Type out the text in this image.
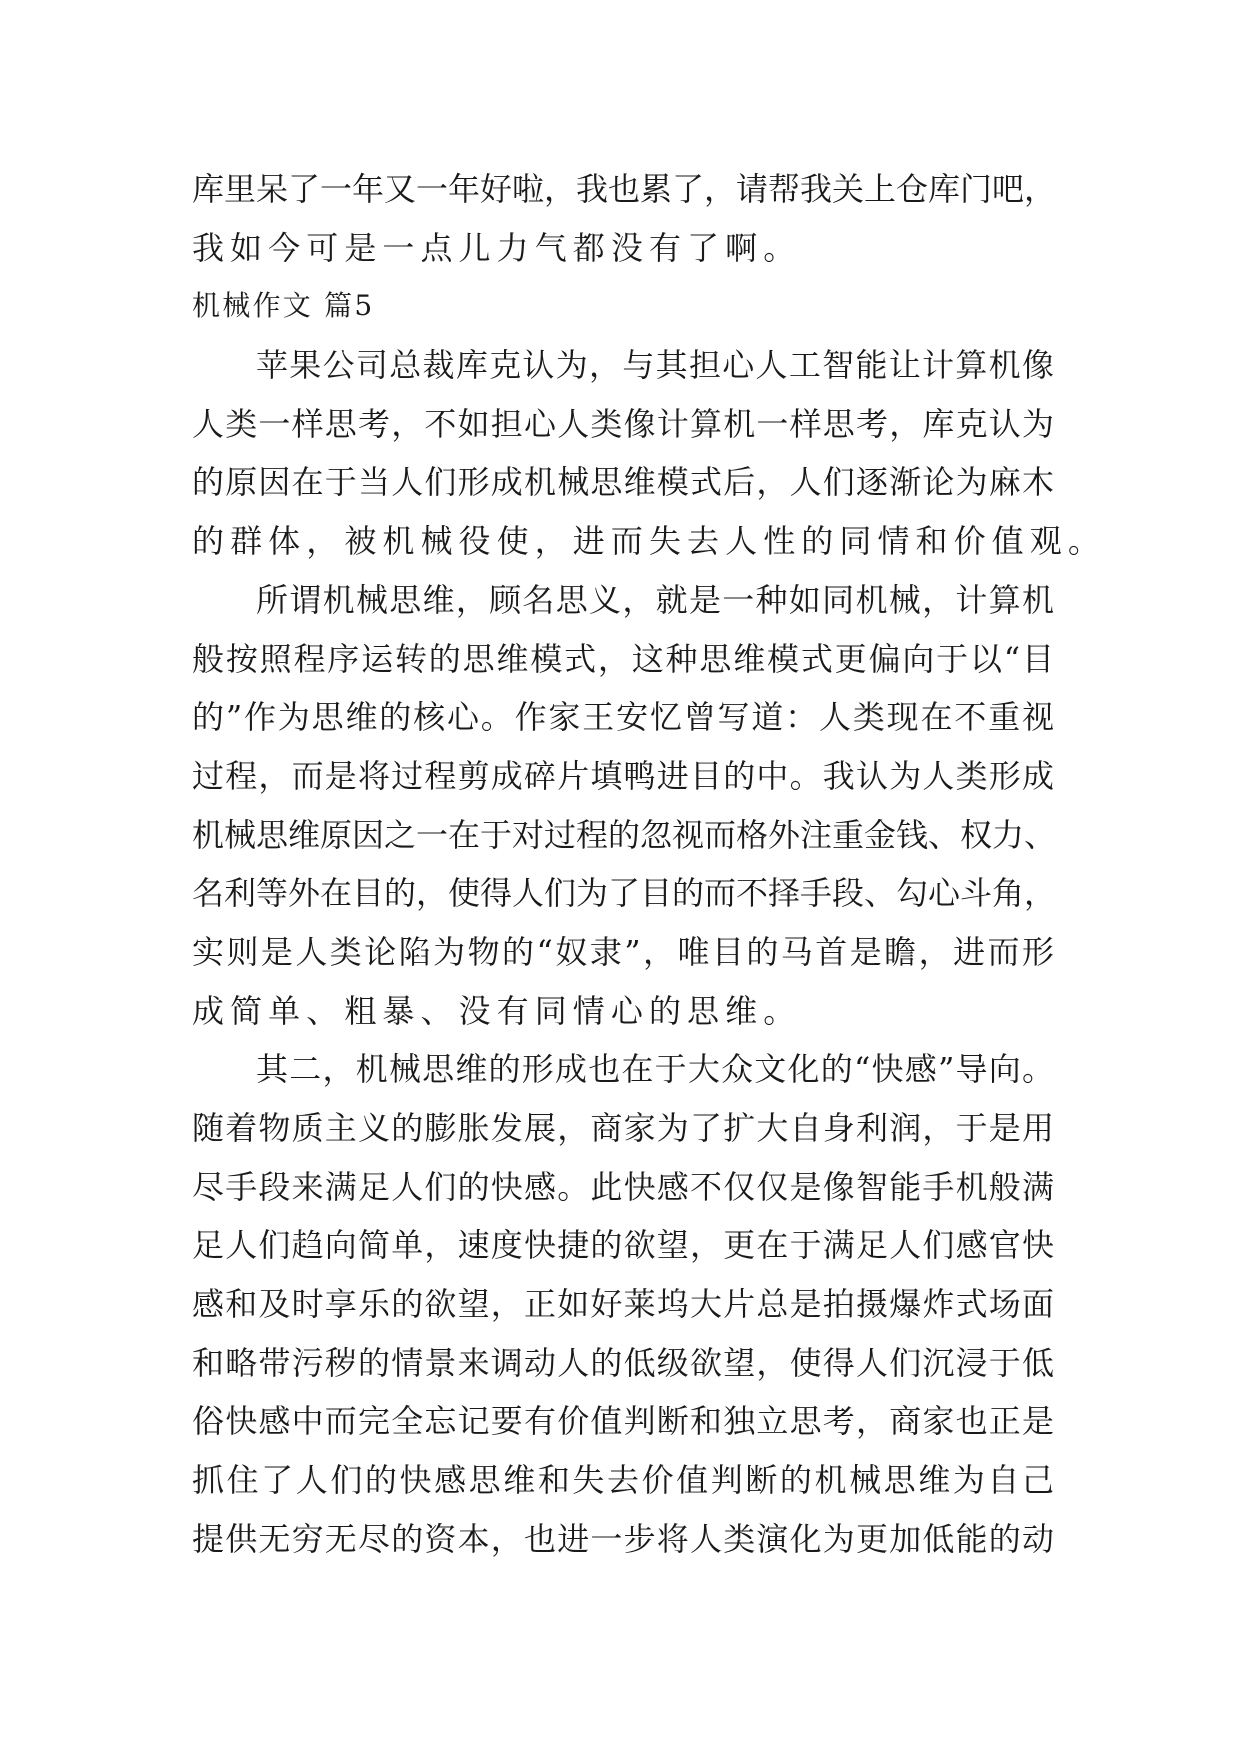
库里呆了一年又一年好啦，我也累了，请帮我关上仓库门吧，
我如今可是一点儿力气都没有了啊。
机械作文 篇5
苹果公司总裁库克认为，与其担心人工智能让计算机像
人类一样思考，不如担心人类像计算机一样思考，库克认为
的原因在于当人们形成机械思维模式后，人们逐渐论为麻木
的群体，被机械役使，进而失去人性的同情和价值观。
所谓机械思维，顾名思义，就是一种如同机械，计算机
般按照程序运转的思维模式，这种思维模式更偏向于以“目
的”作为思维的核心。作家王安忆曾写道：人类现在不重视
过程，而是将过程剪成碎片填鸭进目的中。我认为人类形成
机械思维原因之一在于对过程的忽视而格外注重金钱、权力、
名利等外在目的，使得人们为了目的而不择手段、勾心斗角，
实则是人类论陷为物的“奴隶”，唯目的马首是瞻，进而形
成简单、粗暴、没有同情心的思维。
其二，机械思维的形成也在于大众文化的“快感”导向。
随着物质主义的膨胀发展，商家为了扩大自身利润，于是用
尽手段来满足人们的快感。此快感不仅仅是像智能手机般满
足人们趋向简单，速度快捷的欲望，更在于满足人们感官快
感和及时享乐的欲望，正如好莱坞大片总是拍摄爆炸式场面
和略带污秽的情景来调动人的低级欲望，使得人们沉浸于低
俗快感中而完全忘记要有价值判断和独立思考，商家也正是
抓住了人们的快感思维和失去价值判断的机械思维为自己
提供无穷无尽的资本，也进一步将人类演化为更加低能的动
